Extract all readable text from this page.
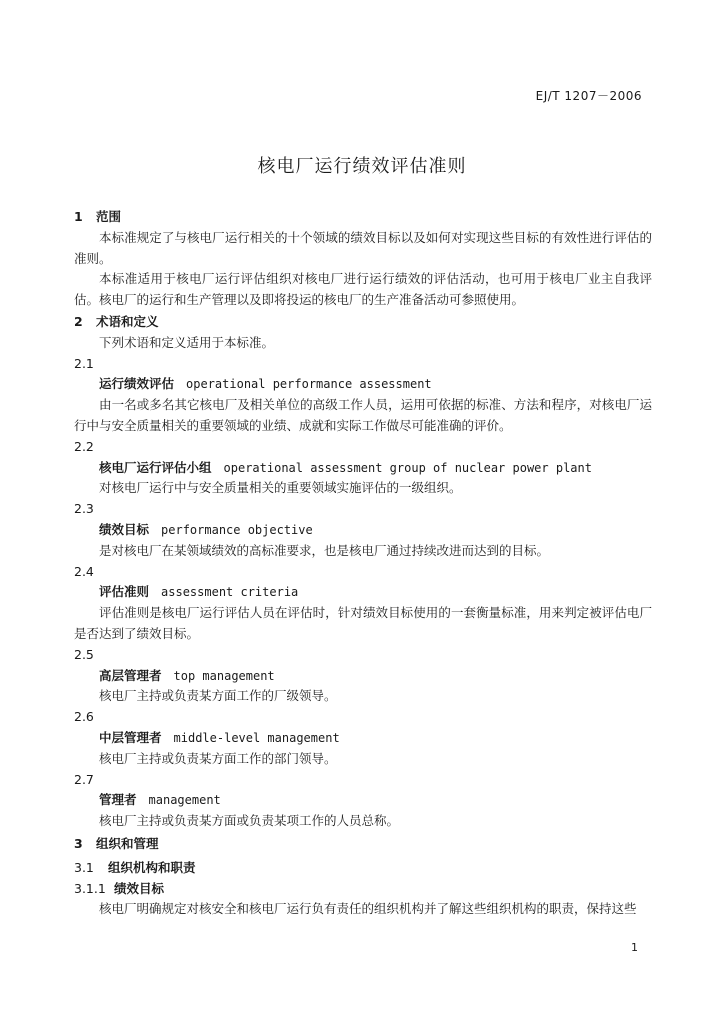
EJ/T 1207－2006
核电厂运行绩效评估准则
1 范围
本标准规定了与核电厂运行相关的十个领域的绩效目标以及如何对实现这些目标的有效性进行评估的准则。
本标准适用于核电厂运行评估组织对核电厂进行运行绩效的评估活动，也可用于核电厂业主自我评估。核电厂的运行和生产管理以及即将投运的核电厂的生产准备活动可参照使用。
2 术语和定义
下列术语和定义适用于本标准。
2.1
运行绩效评估 operational performance assessment
由一名或多名其它核电厂及相关单位的高级工作人员，运用可依据的标准、方法和程序，对核电厂运行中与安全质量相关的重要领域的业绩、成就和实际工作做尽可能准确的评价。
2.2
核电厂运行评估小组 operational assessment group of nuclear power plant
对核电厂运行中与安全质量相关的重要领域实施评估的一级组织。
2.3
绩效目标 performance objective
是对核电厂在某领域绩效的高标准要求，也是核电厂通过持续改进而达到的目标。
2.4
评估准则 assessment criteria
评估准则是核电厂运行评估人员在评估时，针对绩效目标使用的一套衡量标准，用来判定被评估电厂是否达到了绩效目标。
2.5
高层管理者 top management
核电厂主持或负责某方面工作的厂级领导。
2.6
中层管理者 middle-level management
核电厂主持或负责某方面工作的部门领导。
2.7
管理者 management
核电厂主持或负责某方面或负责某项工作的人员总称。
3 组织和管理
3.1 组织机构和职责
3.1.1 绩效目标
核电厂明确规定对核安全和核电厂运行负有责任的组织机构并了解这些组织机构的职责，保持这些
1
